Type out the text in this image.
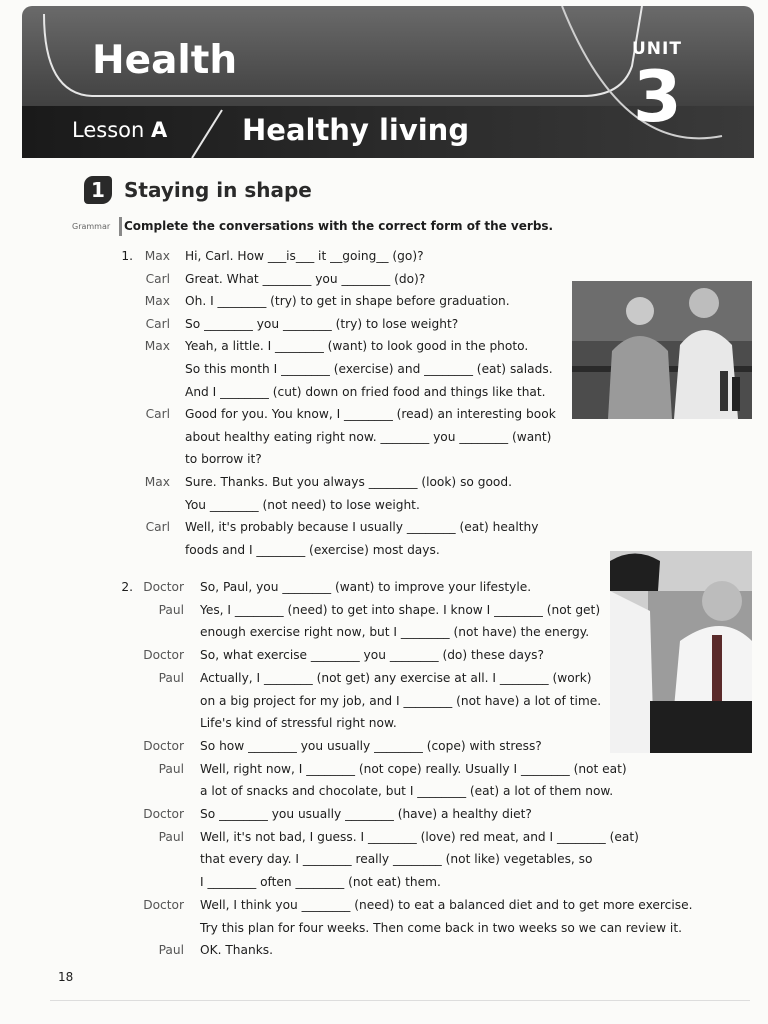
Health	UNIT
3
Lesson A	Healthy living
1 Staying in shape
Grammar Complete the conversations with the correct form of the verbs.
1. Max Hi, Carl. How ___is___ it __going__ (go)?
Carl Great. What ________ you ________ (do)?
Max Oh. I ________ (try) to get in shape before graduation.
Carl So ________ you ________ (try) to lose weight?
Max Yeah, a little. I ________ (want) to look good in the photo.
So this month I ________ (exercise) and ________ (eat) salads.
And I ________ (cut) down on fried food and things like that.
Carl Good for you. You know, I ________ (read) an interesting book
about healthy eating right now. ________ you ________ (want)
to borrow it?
Max Sure. Thanks. But you always ________ (look) so good.
You ________ (not need) to lose weight.
Carl Well, it's probably because I usually ________ (eat) healthy
foods and I ________ (exercise) most days.
2. Doctor So, Paul, you ________ (want) to improve your lifestyle.
Paul Yes, I ________ (need) to get into shape. I know I ________ (not get)
enough exercise right now, but I ________ (not have) the energy.
Doctor So, what exercise ________ you ________ (do) these days?
Paul Actually, I ________ (not get) any exercise at all. I ________ (work)
on a big project for my job, and I ________ (not have) a lot of time.
Life's kind of stressful right now.
Doctor So how ________ you usually ________ (cope) with stress?
Paul Well, right now, I ________ (not cope) really. Usually I ________ (not eat)
a lot of snacks and chocolate, but I ________ (eat) a lot of them now.
Doctor So ________ you usually ________ (have) a healthy diet?
Paul Well, it's not bad, I guess. I ________ (love) red meat, and I ________ (eat)
that every day. I ________ really ________ (not like) vegetables, so
I ________ often ________ (not eat) them.
Doctor Well, I think you ________ (need) to eat a balanced diet and to get more exercise.
Try this plan for four weeks. Then come back in two weeks so we can review it.
Paul OK. Thanks.
18
